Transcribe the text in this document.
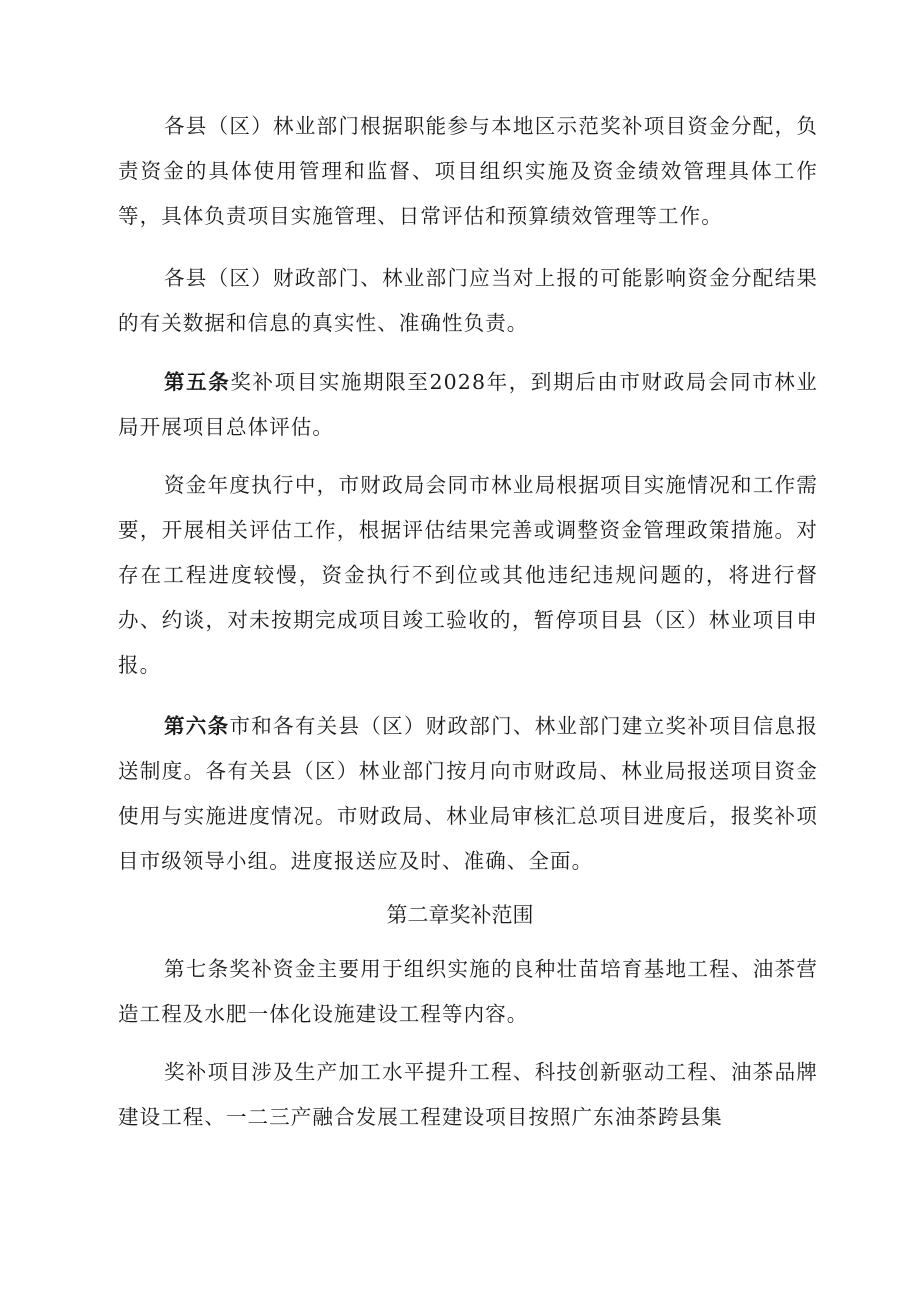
各县（区）林业部门根据职能参与本地区示范奖补项目资金分配，负责资金的具体使用管理和监督、项目组织实施及资金绩效管理具体工作等，具体负责项目实施管理、日常评估和预算绩效管理等工作。

各县（区）财政部门、林业部门应当对上报的可能影响资金分配结果的有关数据和信息的真实性、准确性负责。

第五条奖补项目实施期限至2028年，到期后由市财政局会同市林业局开展项目总体评估。

资金年度执行中，市财政局会同市林业局根据项目实施情况和工作需要，开展相关评估工作，根据评估结果完善或调整资金管理政策措施。对存在工程进度较慢，资金执行不到位或其他违纪违规问题的，将进行督办、约谈，对未按期完成项目竣工验收的，暂停项目县（区）林业项目申报。

第六条市和各有关县（区）财政部门、林业部门建立奖补项目信息报送制度。各有关县（区）林业部门按月向市财政局、林业局报送项目资金使用与实施进度情况。市财政局、林业局审核汇总项目进度后，报奖补项目市级领导小组。进度报送应及时、准确、全面。

第二章奖补范围

第七条奖补资金主要用于组织实施的良种壮苗培育基地工程、油茶营造工程及水肥一体化设施建设工程等内容。

奖补项目涉及生产加工水平提升工程、科技创新驱动工程、油茶品牌建设工程、一二三产融合发展工程建设项目按照广东油茶跨县集
